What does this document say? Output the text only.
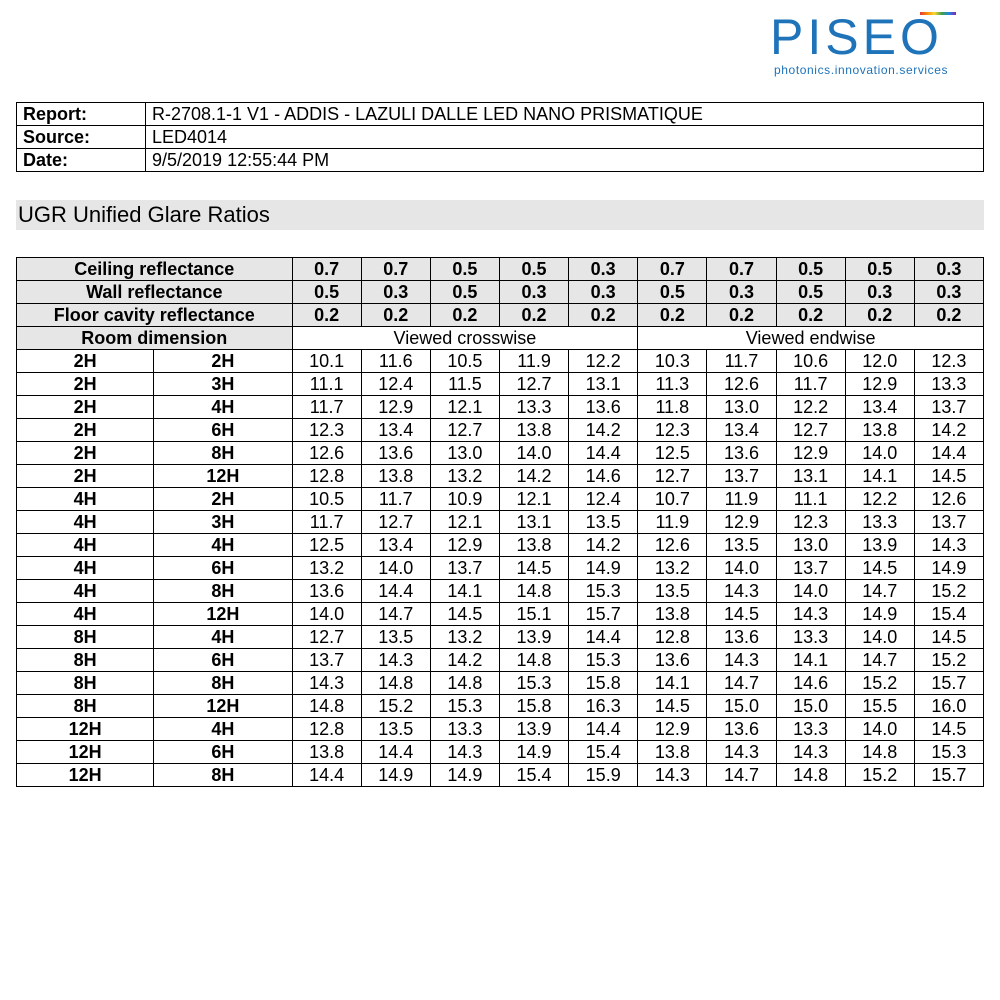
PISEO
photonics.innovation.services
Report:	R-2708.1-1 V1 - ADDIS - LAZULI DALLE LED NANO PRISMATIQUE
Source:	LED4014
Date:	9/5/2019 12:55:44 PM
UGR Unified Glare Ratios
Ceiling reflectance		0.7	0.7	0.5	0.5	0.3	0.7	0.7	0.5	0.5	0.3
Wall reflectance		0.5	0.3	0.5	0.3	0.3	0.5	0.3	0.5	0.3	0.3
Floor cavity reflectance		0.2	0.2	0.2	0.2	0.2	0.2	0.2	0.2	0.2	0.2
Room dimension		Viewed crosswise					Viewed endwise				
2H	2H	10.1	11.6	10.5	11.9	12.2	10.3	11.7	10.6	12.0	12.3
2H	3H	11.1	12.4	11.5	12.7	13.1	11.3	12.6	11.7	12.9	13.3
2H	4H	11.7	12.9	12.1	13.3	13.6	11.8	13.0	12.2	13.4	13.7
2H	6H	12.3	13.4	12.7	13.8	14.2	12.3	13.4	12.7	13.8	14.2
2H	8H	12.6	13.6	13.0	14.0	14.4	12.5	13.6	12.9	14.0	14.4
2H	12H	12.8	13.8	13.2	14.2	14.6	12.7	13.7	13.1	14.1	14.5
4H	2H	10.5	11.7	10.9	12.1	12.4	10.7	11.9	11.1	12.2	12.6
4H	3H	11.7	12.7	12.1	13.1	13.5	11.9	12.9	12.3	13.3	13.7
4H	4H	12.5	13.4	12.9	13.8	14.2	12.6	13.5	13.0	13.9	14.3
4H	6H	13.2	14.0	13.7	14.5	14.9	13.2	14.0	13.7	14.5	14.9
4H	8H	13.6	14.4	14.1	14.8	15.3	13.5	14.3	14.0	14.7	15.2
4H	12H	14.0	14.7	14.5	15.1	15.7	13.8	14.5	14.3	14.9	15.4
8H	4H	12.7	13.5	13.2	13.9	14.4	12.8	13.6	13.3	14.0	14.5
8H	6H	13.7	14.3	14.2	14.8	15.3	13.6	14.3	14.1	14.7	15.2
8H	8H	14.3	14.8	14.8	15.3	15.8	14.1	14.7	14.6	15.2	15.7
8H	12H	14.8	15.2	15.3	15.8	16.3	14.5	15.0	15.0	15.5	16.0
12H	4H	12.8	13.5	13.3	13.9	14.4	12.9	13.6	13.3	14.0	14.5
12H	6H	13.8	14.4	14.3	14.9	15.4	13.8	14.3	14.3	14.8	15.3
12H	8H	14.4	14.9	14.9	15.4	15.9	14.3	14.7	14.8	15.2	15.7
